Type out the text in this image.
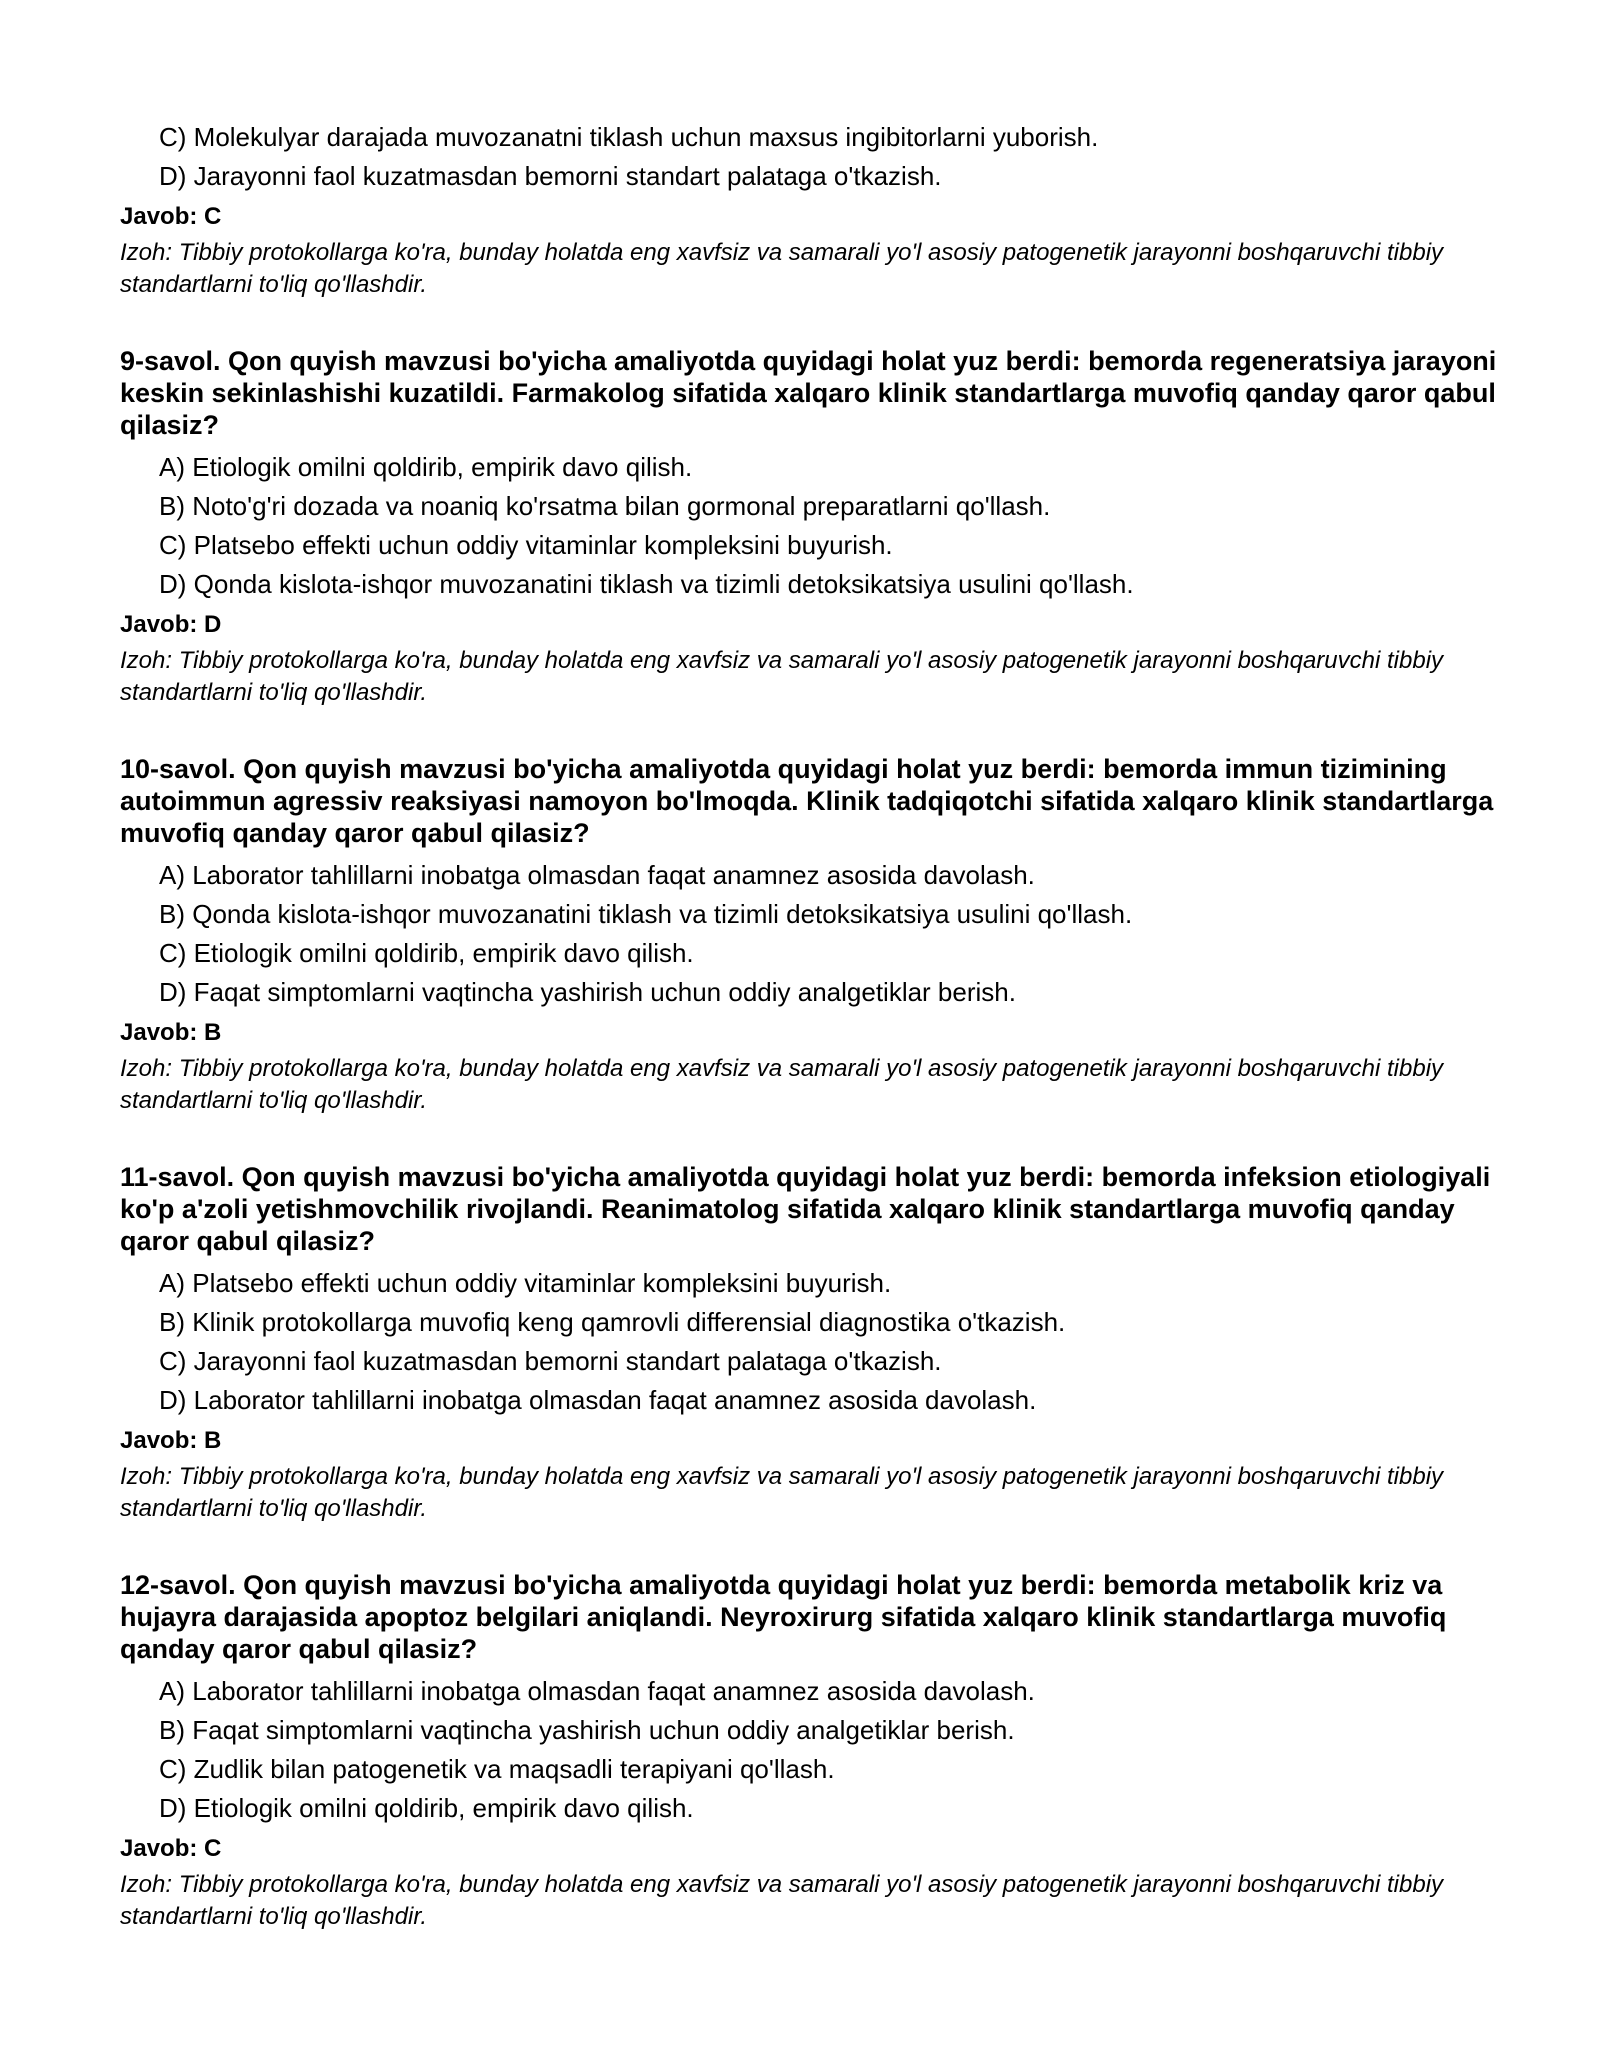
C) Molekulyar darajada muvozanatni tiklash uchun maxsus ingibitorlarni yuborish.
D) Jarayonni faol kuzatmasdan bemorni standart palataga o'tkazish.
Javob: C
Izoh: Tibbiy protokollarga ko'ra, bunday holatda eng xavfsiz va samarali yo'l asosiy patogenetik jarayonni boshqaruvchi tibbiy standartlarni to'liq qo'llashdir.
9-savol. Qon quyish mavzusi bo'yicha amaliyotda quyidagi holat yuz berdi: bemorda regeneratsiya jarayoni keskin sekinlashishi kuzatildi. Farmakolog sifatida xalqaro klinik standartlarga muvofiq qanday qaror qabul qilasiz?
A) Etiologik omilni qoldirib, empirik davo qilish.
B) Noto'g'ri dozada va noaniq ko'rsatma bilan gormonal preparatlarni qo'llash.
C) Platsebo effekti uchun oddiy vitaminlar kompleksini buyurish.
D) Qonda kislota-ishqor muvozanatini tiklash va tizimli detoksikatsiya usulini qo'llash.
Javob: D
Izoh: Tibbiy protokollarga ko'ra, bunday holatda eng xavfsiz va samarali yo'l asosiy patogenetik jarayonni boshqaruvchi tibbiy standartlarni to'liq qo'llashdir.
10-savol. Qon quyish mavzusi bo'yicha amaliyotda quyidagi holat yuz berdi: bemorda immun tizimining autoimmun agressiv reaksiyasi namoyon bo'lmoqda. Klinik tadqiqotchi sifatida xalqaro klinik standartlarga muvofiq qanday qaror qabul qilasiz?
A) Laborator tahlillarni inobatga olmasdan faqat anamnez asosida davolash.
B) Qonda kislota-ishqor muvozanatini tiklash va tizimli detoksikatsiya usulini qo'llash.
C) Etiologik omilni qoldirib, empirik davo qilish.
D) Faqat simptomlarni vaqtincha yashirish uchun oddiy analgetiklar berish.
Javob: B
Izoh: Tibbiy protokollarga ko'ra, bunday holatda eng xavfsiz va samarali yo'l asosiy patogenetik jarayonni boshqaruvchi tibbiy standartlarni to'liq qo'llashdir.
11-savol. Qon quyish mavzusi bo'yicha amaliyotda quyidagi holat yuz berdi: bemorda infeksion etiologiyali ko'p a'zoli yetishmovchilik rivojlandi. Reanimatolog sifatida xalqaro klinik standartlarga muvofiq qanday qaror qabul qilasiz?
A) Platsebo effekti uchun oddiy vitaminlar kompleksini buyurish.
B) Klinik protokollarga muvofiq keng qamrovli differensial diagnostika o'tkazish.
C) Jarayonni faol kuzatmasdan bemorni standart palataga o'tkazish.
D) Laborator tahlillarni inobatga olmasdan faqat anamnez asosida davolash.
Javob: B
Izoh: Tibbiy protokollarga ko'ra, bunday holatda eng xavfsiz va samarali yo'l asosiy patogenetik jarayonni boshqaruvchi tibbiy standartlarni to'liq qo'llashdir.
12-savol. Qon quyish mavzusi bo'yicha amaliyotda quyidagi holat yuz berdi: bemorda metabolik kriz va hujayra darajasida apoptoz belgilari aniqlandi. Neyroxirurg sifatida xalqaro klinik standartlarga muvofiq qanday qaror qabul qilasiz?
A) Laborator tahlillarni inobatga olmasdan faqat anamnez asosida davolash.
B) Faqat simptomlarni vaqtincha yashirish uchun oddiy analgetiklar berish.
C) Zudlik bilan patogenetik va maqsadli terapiyani qo'llash.
D) Etiologik omilni qoldirib, empirik davo qilish.
Javob: C
Izoh: Tibbiy protokollarga ko'ra, bunday holatda eng xavfsiz va samarali yo'l asosiy patogenetik jarayonni boshqaruvchi tibbiy standartlarni to'liq qo'llashdir.
